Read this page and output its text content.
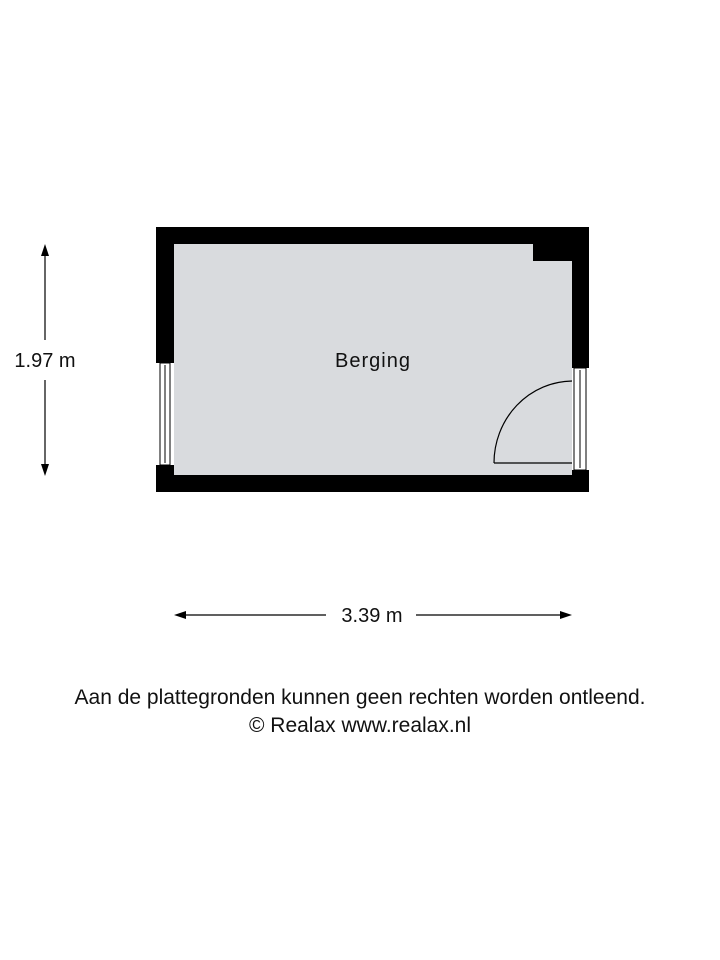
Berging
1.97 m
3.39 m
Aan de plattegronden kunnen geen rechten worden ontleend.
© Realax www.realax.nl
